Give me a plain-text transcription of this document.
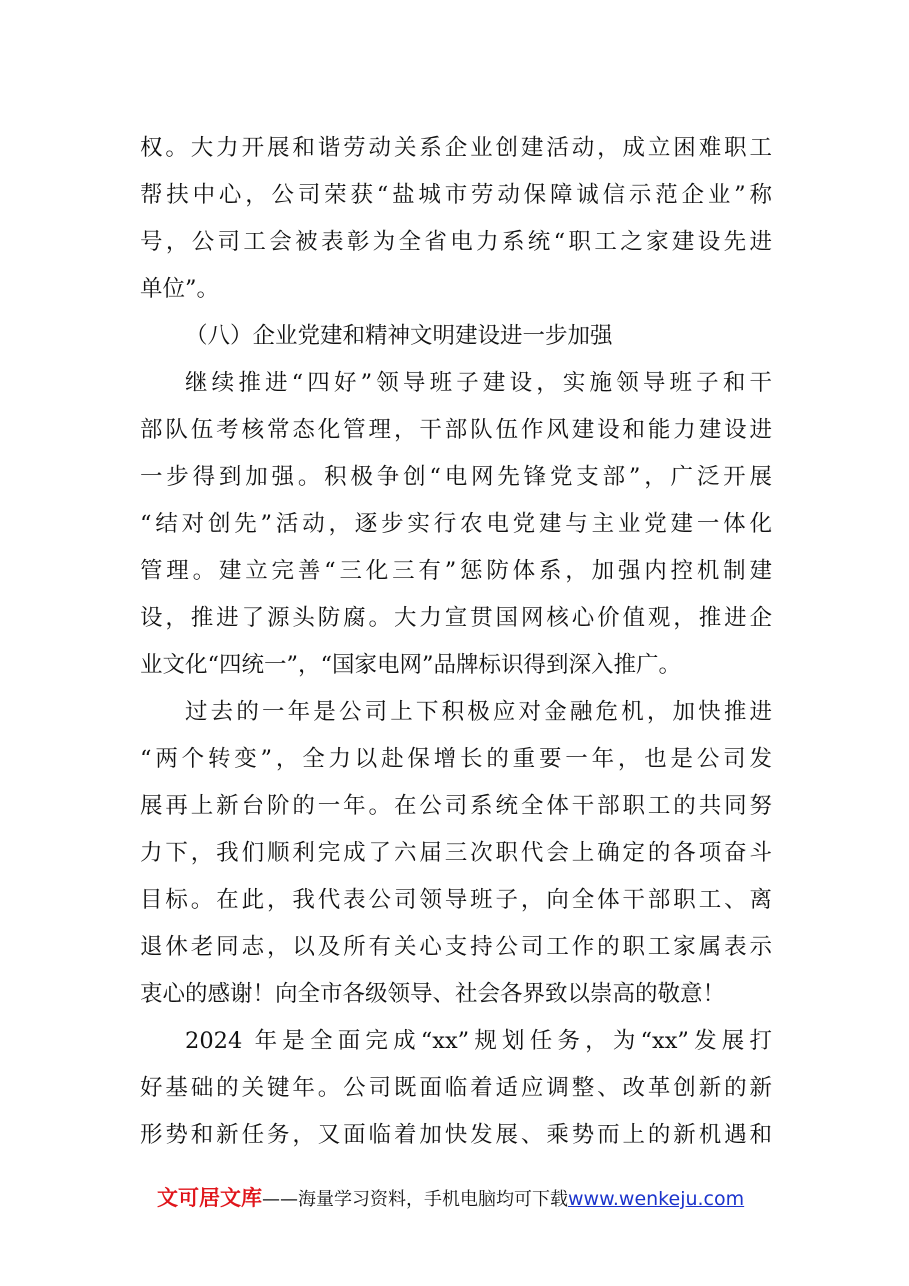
权。大力开展和谐劳动关系企业创建活动，成立困难职工
帮扶中心，公司荣获“盐城市劳动保障诚信示范企业”称
号，公司工会被表彰为全省电力系统“职工之家建设先进
单位”。
（八）企业党建和精神文明建设进一步加强
继续推进“四好”领导班子建设，实施领导班子和干
部队伍考核常态化管理，干部队伍作风建设和能力建设进
一步得到加强。积极争创“电网先锋党支部”，广泛开展
“结对创先”活动，逐步实行农电党建与主业党建一体化
管理。建立完善“三化三有”惩防体系，加强内控机制建
设，推进了源头防腐。大力宣贯国网核心价值观，推进企
业文化“四统一”，“国家电网”品牌标识得到深入推广。
过去的一年是公司上下积极应对金融危机，加快推进
“两个转变”，全力以赴保增长的重要一年，也是公司发
展再上新台阶的一年。在公司系统全体干部职工的共同努
力下，我们顺利完成了六届三次职代会上确定的各项奋斗
目标。在此，我代表公司领导班子，向全体干部职工、离
退休老同志，以及所有关心支持公司工作的职工家属表示
衷心的感谢！向全市各级领导、社会各界致以崇高的敬意！
2024 年是全面完成“xx”规划任务，为“xx”发展打
好基础的关键年。公司既面临着适应调整、改革创新的新
形势和新任务，又面临着加快发展、乘势而上的新机遇和
文可居文库——海量学习资料，手机电脑均可下载www.wenkeju.com
